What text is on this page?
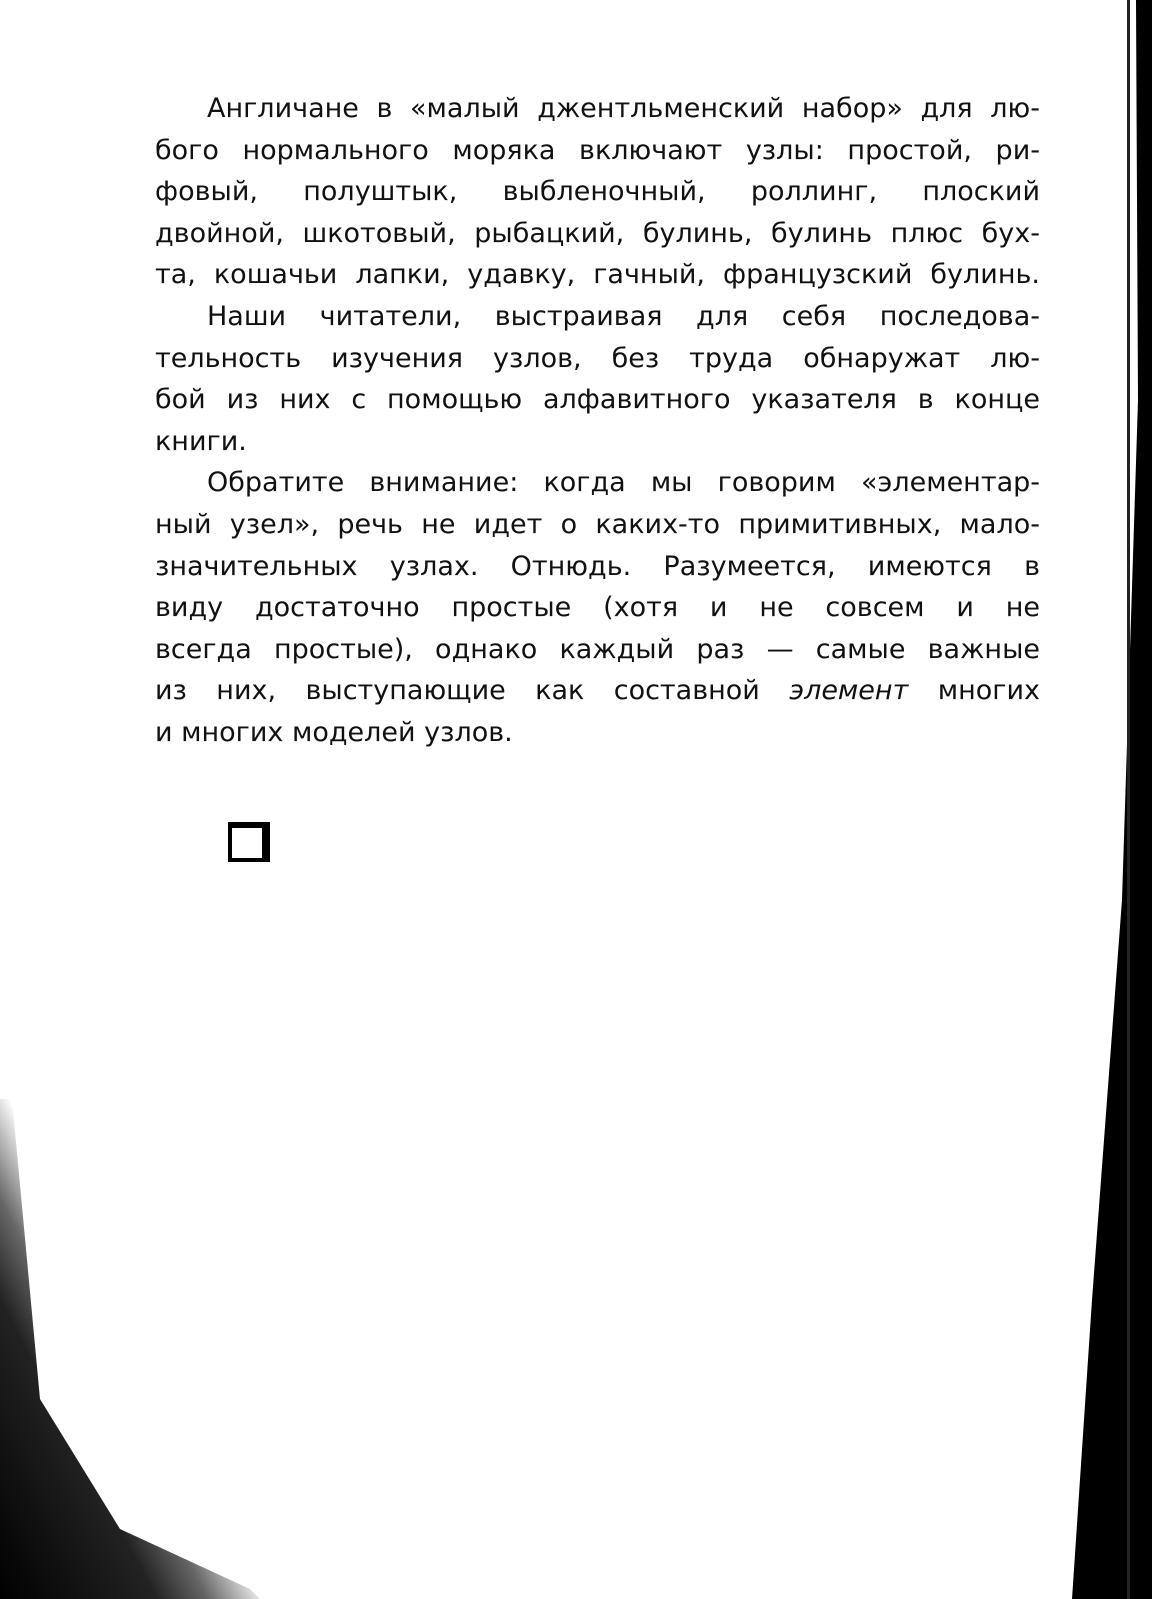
Англичане в «малый джентльменский набор» для лю-
бого нормального моряка включают узлы: простой, ри-
фовый, полуштык, выбленочный, роллинг, плоский
двойной, шкотовый, рыбацкий, булинь, булинь плюс бух-
та, кошачьи лапки, удавку, гачный, французский булинь.
Наши читатели, выстраивая для себя последова-
тельность изучения узлов, без труда обнаружат лю-
бой из них с помощью алфавитного указателя в конце
книги.
Обратите внимание: когда мы говорим «элементар-
ный узел», речь не идет о каких-то примитивных, мало-
значительных узлах. Отнюдь. Разумеется, имеются в
виду достаточно простые (хотя и не совсем и не
всегда простые), однако каждый раз — самые важные
из них, выступающие как составной элемент многих
и многих моделей узлов.
